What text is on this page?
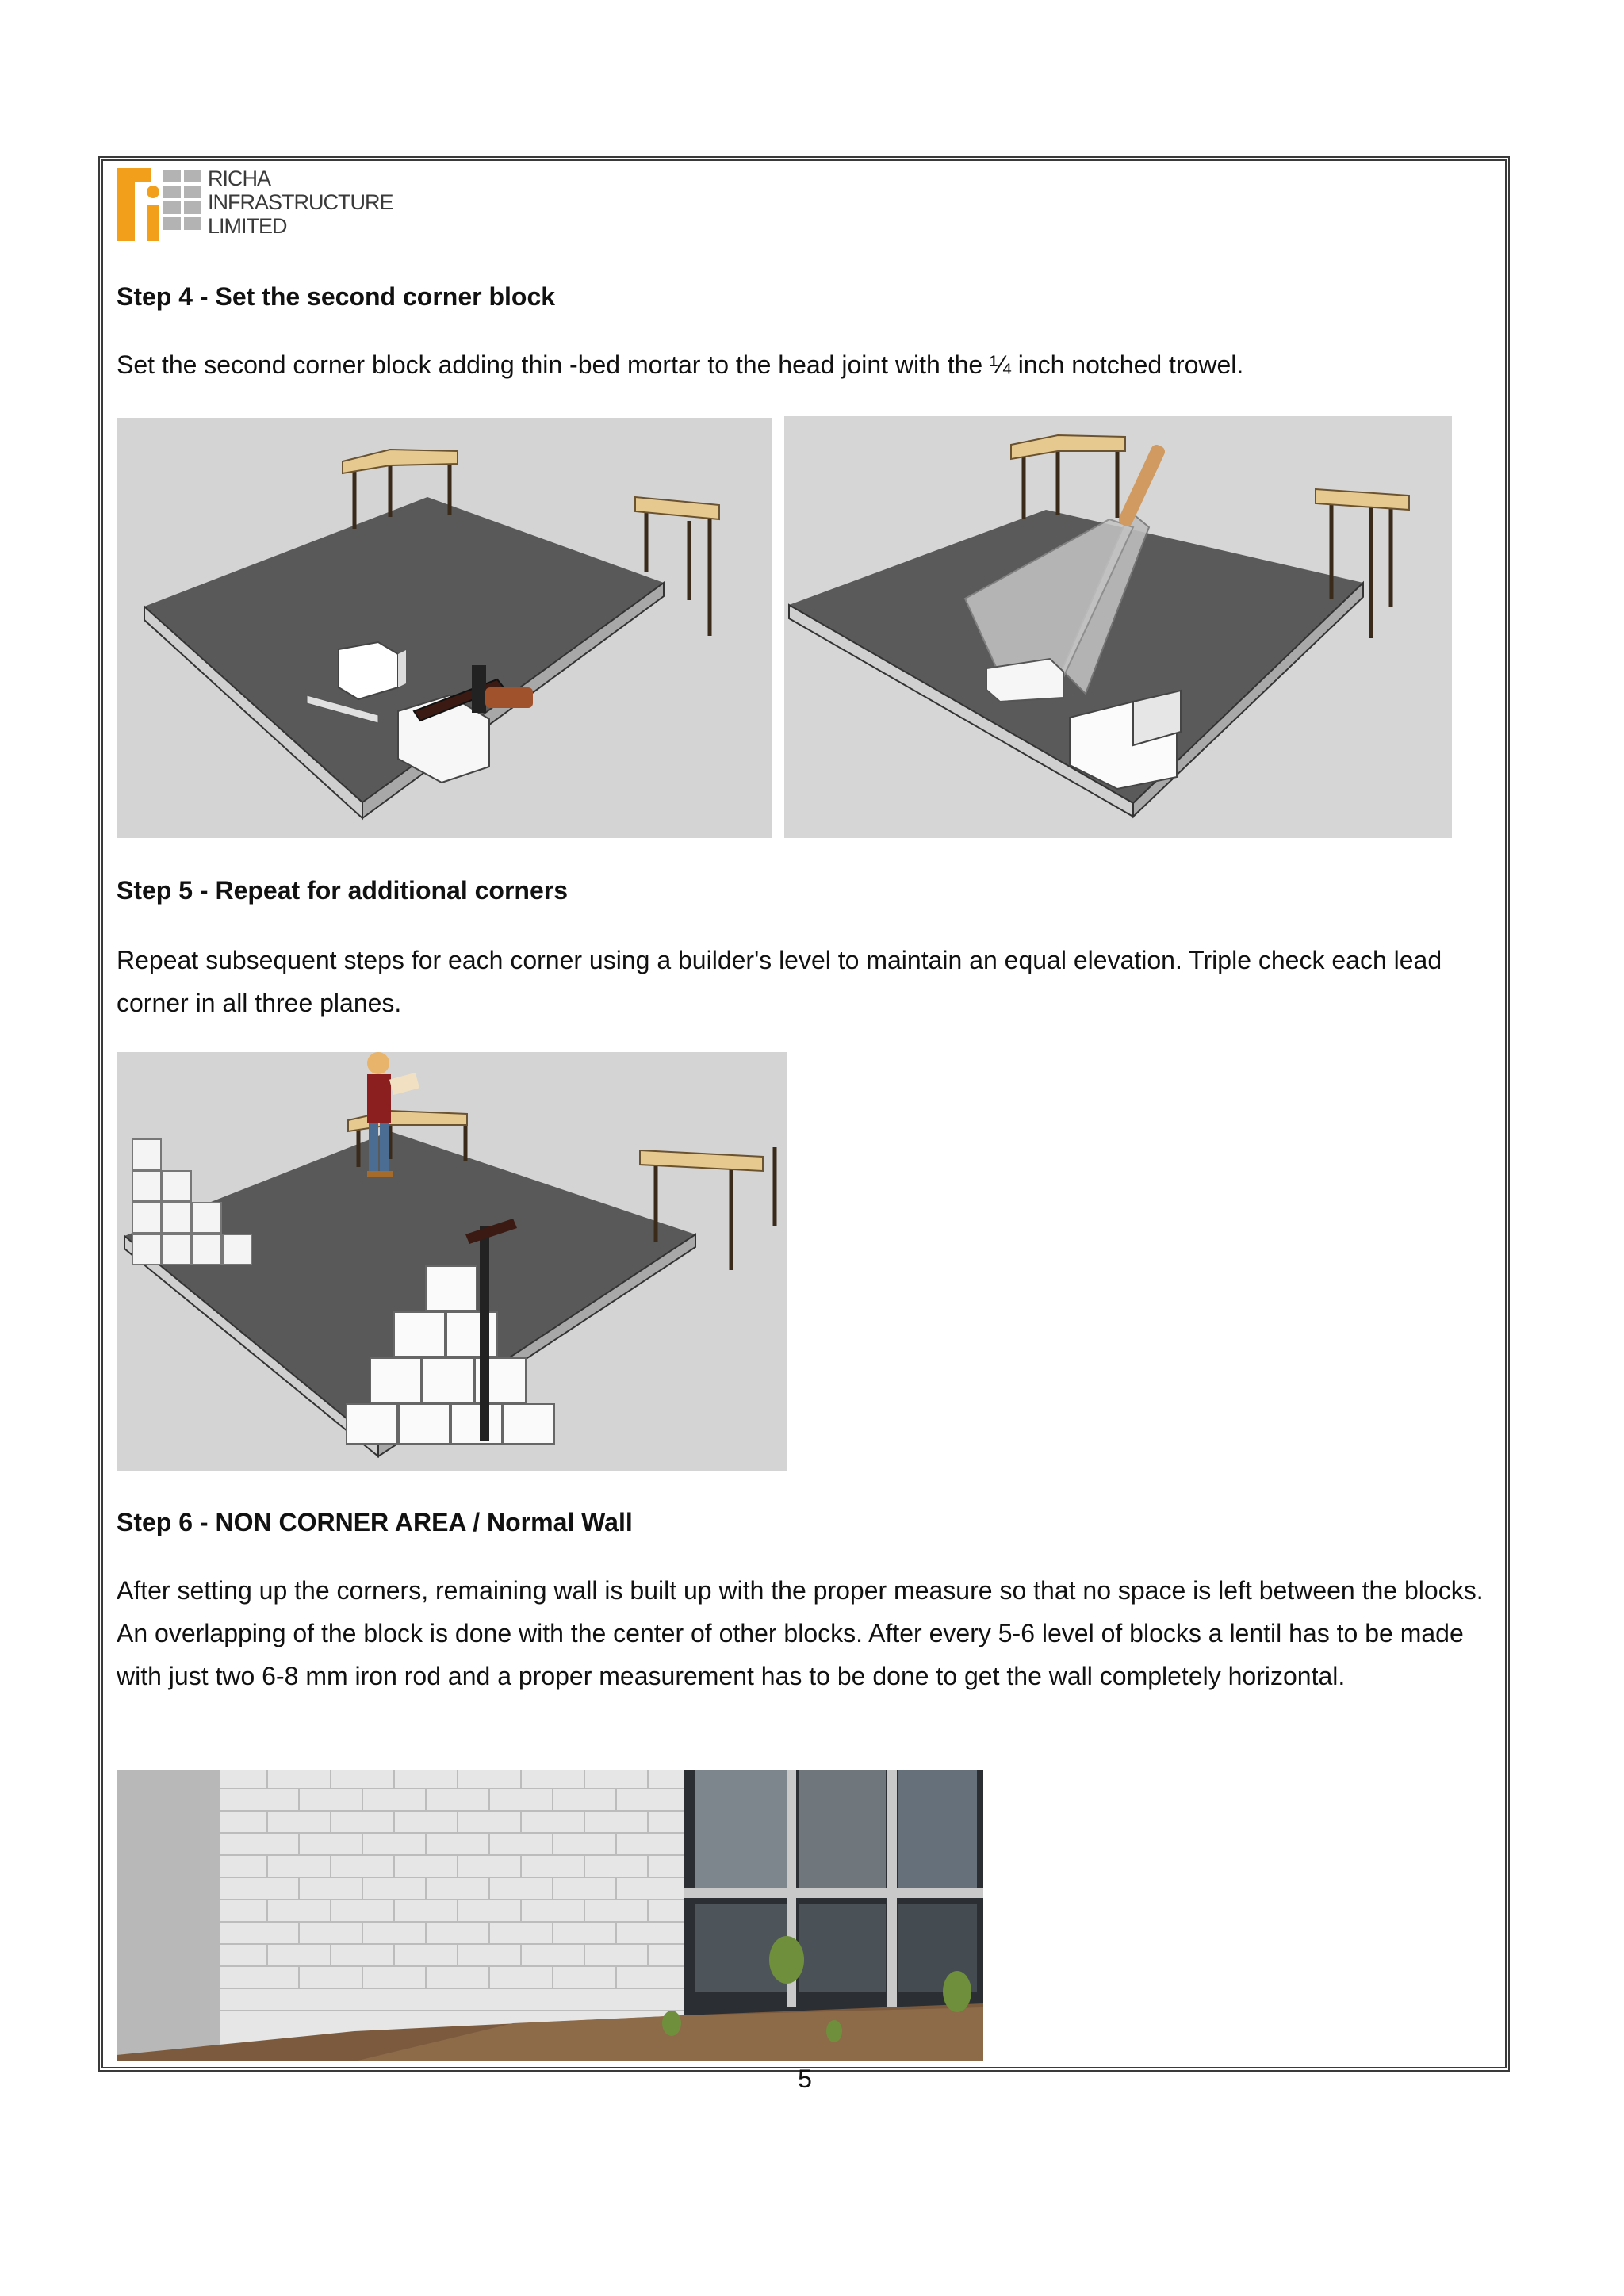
RICHA
INFRASTRUCTURE
LIMITED
Step 4 - Set the second corner block

Set the second corner block adding thin -bed mortar to the head joint with the ¼ inch notched trowel.

Step 5 - Repeat for additional corners

Repeat subsequent steps for each corner using a builder's level to maintain an equal elevation. Triple check each lead corner in all three planes.

Step 6 - NON CORNER AREA / Normal Wall

After setting up the corners, remaining wall is built up with the proper measure so that no space is left between the blocks. An overlapping of the block is done with the center of other blocks. After every 5-6 level of blocks a lentil has to be made with just two 6-8 mm iron rod and a proper measurement has to be done to get the wall completely horizontal.

5
